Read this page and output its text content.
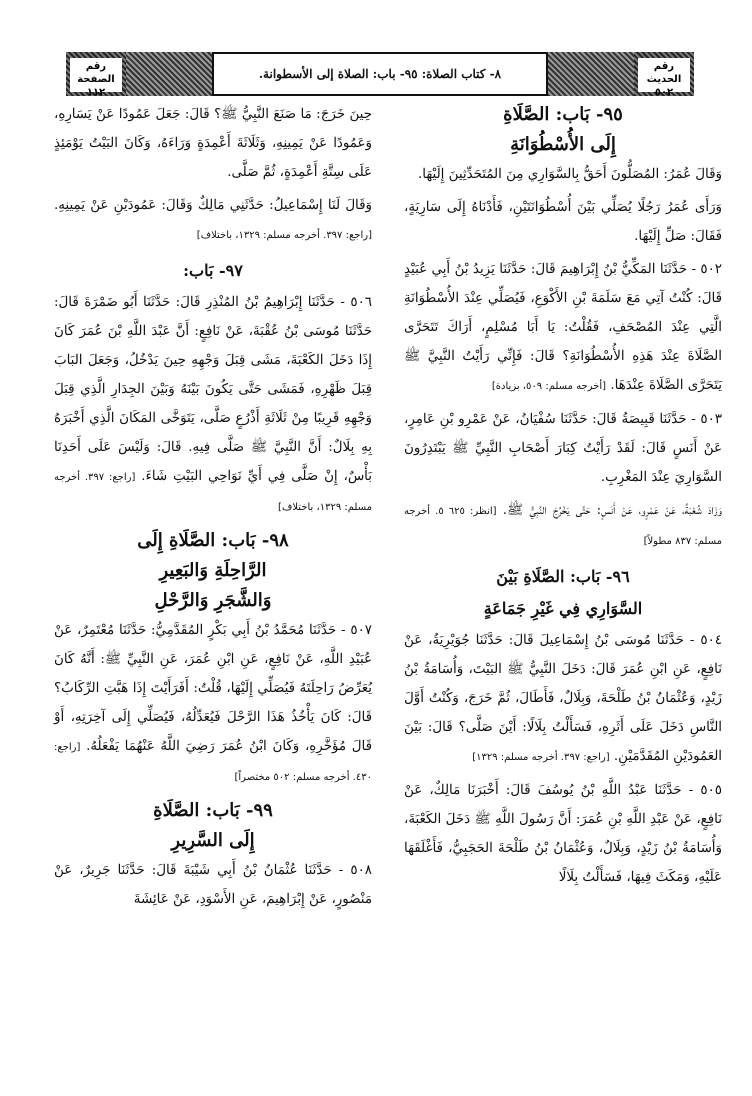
رقم الحديث
٥٠٢
٨- كتاب الصلاة: ٩٥- باب: الصلاة إلى الأسطوانة.
رقم الصفحة
١١٢
٩٥- بَاب: الصَّلَاةِ
إِلَى الأُسْطُوَانَةِ

وَقَالَ عُمَرُ: المُصَلُّونَ أَحَقُّ بِالسَّوَارِي مِنَ المُتَحَدِّثِينَ إِلَيْهَا.

وَرَأَى عُمَرُ رَجُلًا يُصَلِّي بَيْنَ أُسْطُوَانَتَيْنِ، فَأَدْنَاهُ إِلَى سَارِيَةٍ، فَقَالَ: صَلِّ إِلَيْهَا.

٥٠٢ - حَدَّثَنَا المَكِّيُّ بْنُ إِبْرَاهِيمَ قَالَ: حَدَّثَنَا يَزِيدُ بْنُ أَبِي عُبَيْدٍ قَالَ: كُنْتُ آتِي مَعَ سَلَمَةَ بْنِ الأَكْوَعِ، فَيُصَلِّي عِنْدَ الأُسْطُوَانَةِ الَّتِي عِنْدَ المُصْحَفِ، فَقُلْتُ: يَا أَبَا مُسْلِمٍ، أَرَاكَ تَتَحَرَّى الصَّلَاةَ عِنْدَ هَذِهِ الأُسْطُوَانَةِ؟ قَالَ: فَإِنِّي رَأَيْتُ النَّبِيَّ ﷺ يَتَحَرَّى الصَّلَاةَ عِنْدَهَا. [أخرجه مسلم: ٥٠٩، بزيادة]

٥٠٣ - حَدَّثَنَا قَبِيصَةُ قَالَ: حَدَّثَنَا سُفْيَانُ، عَنْ عَمْرِو بْنِ عَامِرٍ، عَنْ أَنَسٍ قَالَ: لَقَدْ رَأَيْتُ كِبَارَ أَصْحَابِ النَّبِيِّ ﷺ يَبْتَدِرُونَ السَّوَارِيَ عِنْدَ المَغْرِبِ.

وَزَادَ شُعْبَةُ، عَنْ عَمْرٍو، عَنْ أَنَسٍ: حَتَّى يَخْرُجَ النَّبِيُّ ﷺ. [انظر: ٦٢٥ ٥. أخرجه مسلم: ٨٣٧ مطولاً]

٩٦- بَاب: الصَّلَاةِ بَيْنَ
السَّوَارِي فِي غَيْرِ جَمَاعَةٍ

٥٠٤ - حَدَّثَنَا مُوسَى بْنُ إِسْمَاعِيلَ قَالَ: حَدَّثَنَا جُوَيْرِيَةُ، عَنْ نَافِعٍ، عَنِ ابْنِ عُمَرَ قَالَ: دَخَلَ النَّبِيُّ ﷺ البَيْتَ، وَأُسَامَةُ بْنُ زَيْدٍ، وَعُثْمَانُ بْنُ طَلْحَةَ، وَبِلَالٌ، فَأَطَالَ، ثُمَّ خَرَجَ، وَكُنْتُ أَوَّلَ النَّاسِ دَخَلَ عَلَى أَثَرِهِ، فَسَأَلْتُ بِلَالًا: أَيْنَ صَلَّى؟ قَالَ: بَيْنَ العَمُودَيْنِ المُقَدَّمَيْنِ. [راجع: ٣٩٧. أخرجه مسلم: ١٣٢٩]

٥٠٥ - حَدَّثَنَا عَبْدُ اللَّهِ بْنُ يُوسُفَ قَالَ: أَخْبَرَنَا مَالِكٌ، عَنْ نَافِعٍ، عَنْ عَبْدِ اللَّهِ بْنِ عُمَرَ: أَنَّ رَسُولَ اللَّهِ ﷺ دَخَلَ الكَعْبَةَ، وَأُسَامَةُ بْنُ زَيْدٍ، وَبِلَالٌ، وَعُثْمَانُ بْنُ طَلْحَةَ الحَجَبِيُّ، فَأَغْلَقَهَا عَلَيْهِ، وَمَكَثَ فِيهَا، فَسَأَلْتُ بِلَالًا

حِينَ خَرَجَ: مَا صَنَعَ النَّبِيُّ ﷺ؟ قَالَ: جَعَلَ عَمُودًا عَنْ يَسَارِهِ، وَعَمُودًا عَنْ يَمِينِهِ، وَثَلَاثَةَ أَعْمِدَةٍ وَرَاءَهُ، وَكَانَ البَيْتُ يَوْمَئِذٍ عَلَى سِتَّةِ أَعْمِدَةٍ، ثُمَّ صَلَّى.

وَقَالَ لَنَا إِسْمَاعِيلُ: حَدَّثَنِي مَالِكٌ وَقَالَ: عَمُودَيْنِ عَنْ يَمِينِهِ. [راجع: ٣٩٧. أخرجه مسلم: ١٣٢٩، باختلاف]

٩٧- بَاب:

٥٠٦ - حَدَّثَنَا إِبْرَاهِيمُ بْنُ المُنْذِرِ قَالَ: حَدَّثَنَا أَبُو ضَمْرَةَ قَالَ: حَدَّثَنَا مُوسَى بْنُ عُقْبَةَ، عَنْ نَافِعٍ: أَنَّ عَبْدَ اللَّهِ بْنَ عُمَرَ كَانَ إِذَا دَخَلَ الكَعْبَةَ، مَشَى قِبَلَ وَجْهِهِ حِينَ يَدْخُلُ، وَجَعَلَ البَابَ قِبَلَ ظَهْرِهِ، فَمَشَى حَتَّى يَكُونَ بَيْنَهُ وَبَيْنَ الجِدَارِ الَّذِي قِبَلَ وَجْهِهِ قَرِيبًا مِنْ ثَلَاثَةِ أَذْرُعٍ صَلَّى، يَتَوَخَّى المَكَانَ الَّذِي أَخْبَرَهُ بِهِ بِلَالٌ: أَنَّ النَّبِيَّ ﷺ صَلَّى فِيهِ. قَالَ: وَلَيْسَ عَلَى أَحَدِنَا بَأْسٌ، إِنْ صَلَّى فِي أَيِّ نَوَاحِي البَيْتِ شَاءَ. [راجع: ٣٩٧. أخرجه مسلم: ١٣٢٩، باختلاف]

٩٨- بَاب: الصَّلَاةِ إِلَى
الرَّاحِلَةِ وَالبَعِيرِ
وَالشَّجَرِ وَالرَّحْلِ

٥٠٧ - حَدَّثَنَا مُحَمَّدُ بْنُ أَبِي بَكْرٍ المُقَدَّمِيُّ: حَدَّثَنَا مُعْتَمِرٌ، عَنْ عُبَيْدِ اللَّهِ، عَنْ نَافِعٍ، عَنِ ابْنِ عُمَرَ، عَنِ النَّبِيِّ ﷺ: أَنَّهُ كَانَ يُعَرِّضُ رَاحِلَتَهُ فَيُصَلِّي إِلَيْهَا، قُلْتُ: أَفَرَأَيْتَ إِذَا هَبَّتِ الرِّكَابُ؟ قَالَ: كَانَ يَأْخُذُ هَذَا الرَّحْلَ فَيُعَدِّلُهُ، فَيُصَلِّي إِلَى آخِرَتِهِ، أَوْ قَالَ مُؤَخَّرِهِ، وَكَانَ ابْنُ عُمَرَ رَضِيَ اللَّهُ عَنْهُمَا يَفْعَلُهُ. [راجع: ٤٣٠. أخرجه مسلم: ٥٠٢ مختصراً]

٩٩- بَاب: الصَّلَاةِ
إِلَى السَّرِيرِ

٥٠٨ - حَدَّثَنَا عُثْمَانُ بْنُ أَبِي شَيْبَةَ قَالَ: حَدَّثَنَا جَرِيرٌ، عَنْ مَنْصُورٍ، عَنْ إِبْرَاهِيمَ، عَنِ الأَسْوَدِ، عَنْ عَائِشَةَ
